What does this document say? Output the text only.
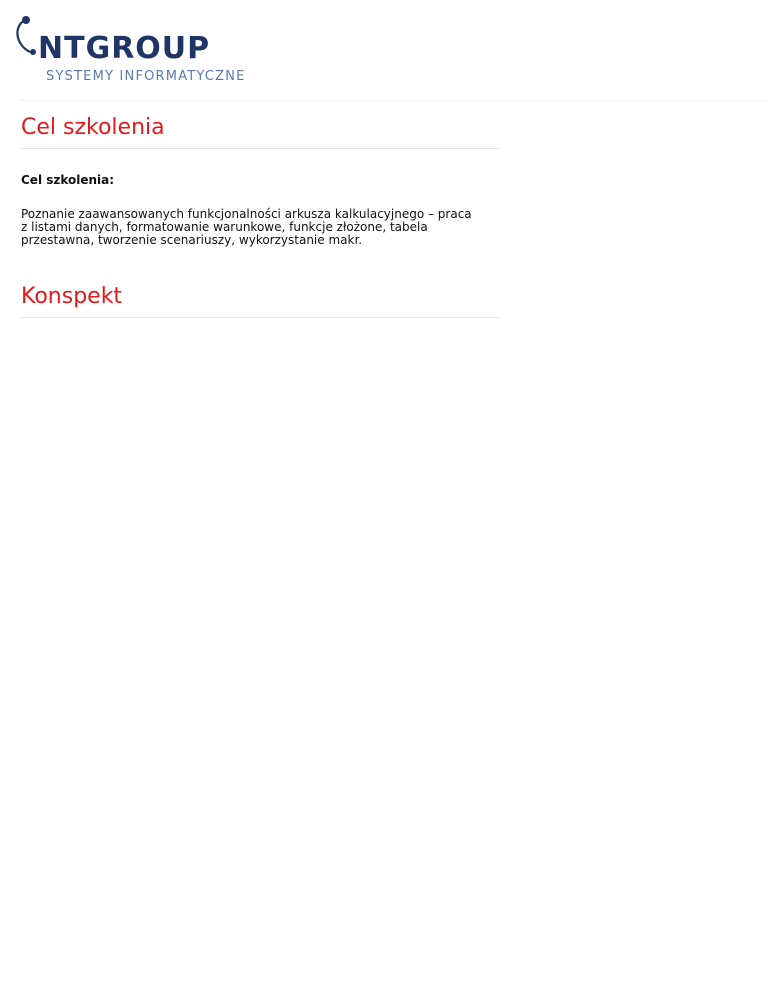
NTGROUP
SYSTEMY INFORMATYCZNE
Cel szkolenia
Cel szkolenia:

Poznanie zaawansowanych funkcjonalności arkusza kalkulacyjnego – praca z listami danych, formatowanie warunkowe, funkcje złożone, tabela przestawna, tworzenie scenariuszy, wykorzystanie makr.

Konspekt
